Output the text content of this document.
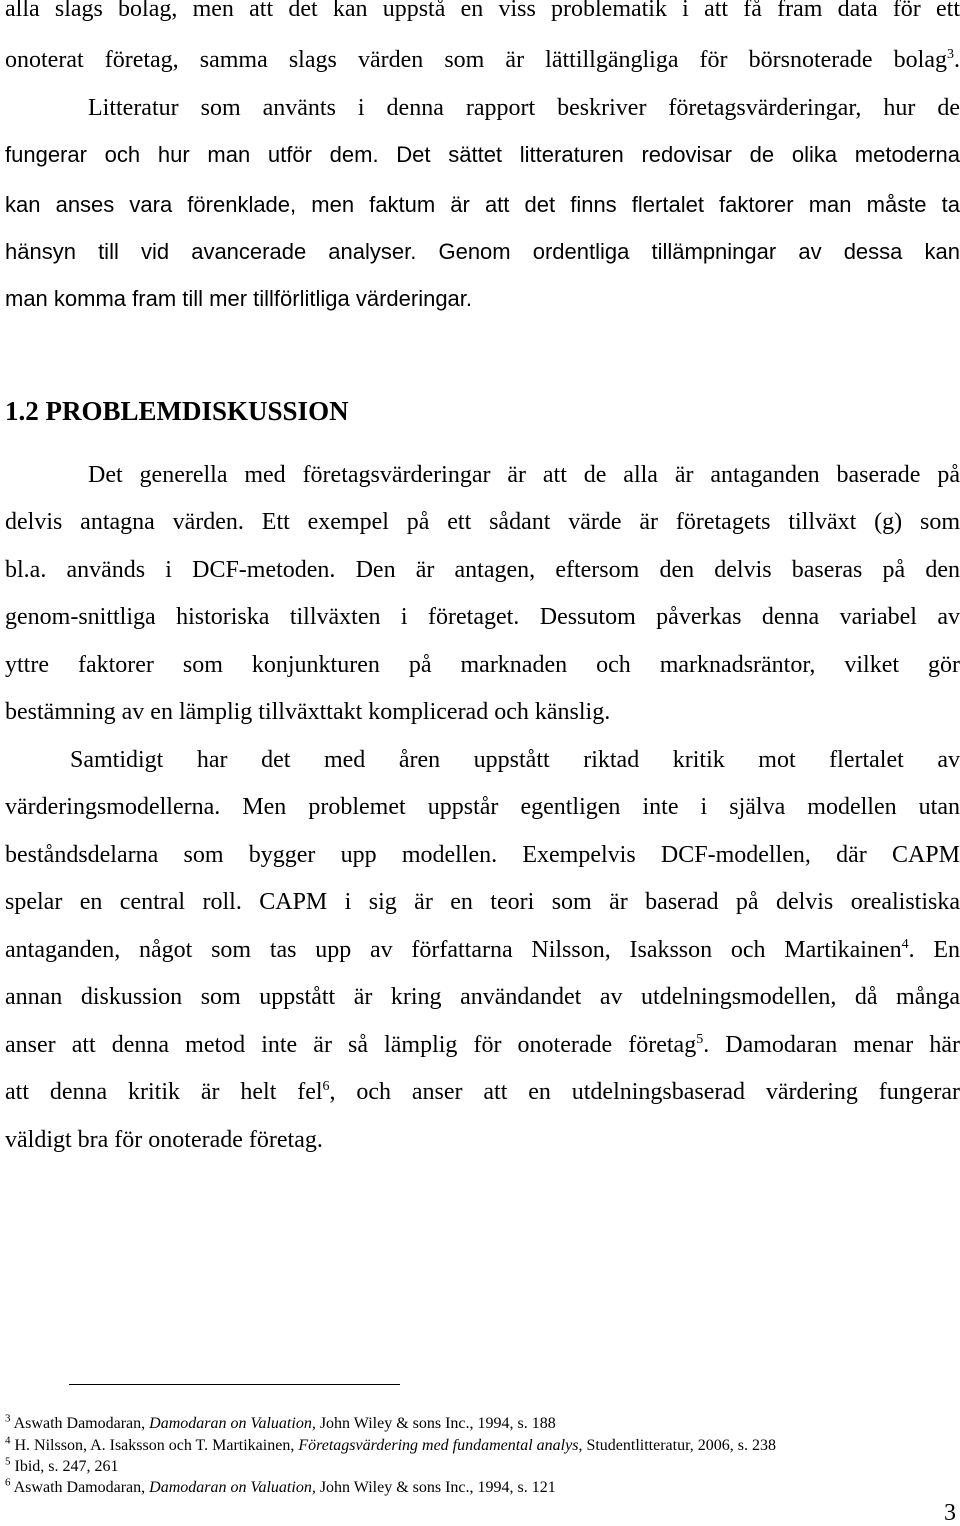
alla slags bolag, men att det kan uppstå en viss problematik i att få fram data för ett
onoterat företag, samma slags värden som är lättillgängliga för börsnoterade bolag$^3$.
Litteratur som använts i denna rapport beskriver företagsvärderingar, hur de
fungerar och hur man utför dem. Det sättet litteraturen redovisar de olika metoderna
kan anses vara förenklade, men faktum är att det finns flertalet faktorer man måste ta
hänsyn till vid avancerade analyser. Genom ordentliga tillämpningar av dessa kan
man komma fram till mer tillförlitliga värderingar.
1.2 PROBLEMDISKUSSION
Det generella med företagsvärderingar är att de alla är antaganden baserade på
delvis antagna värden. Ett exempel på ett sådant värde är företagets tillväxt (g) som
bl.a. används i DCF-metoden. Den är antagen, eftersom den delvis baseras på den
genom-snittliga historiska tillväxten i företaget. Dessutom påverkas denna variabel av
yttre faktorer som konjunkturen på marknaden och marknadsräntor, vilket gör
bestämning av en lämplig tillväxttakt komplicerad och känslig.
Samtidigt har det med åren uppstått riktad kritik mot flertalet av
värderingsmodellerna. Men problemet uppstår egentligen inte i själva modellen utan
beståndsdelarna som bygger upp modellen. Exempelvis DCF-modellen, där CAPM
spelar en central roll. CAPM i sig är en teori som är baserad på delvis orealistiska
antaganden, något som tas upp av författarna Nilsson, Isaksson och Martikainen$^4$. En
annan diskussion som uppstått är kring användandet av utdelningsmodellen, då många
anser att denna metod inte är så lämplig för onoterade företag$^5$. Damodaran menar här
att denna kritik är helt fel$^6$, och anser att en utdelningsbaserad värdering fungerar
väldigt bra för onoterade företag.
$^3$ Aswath Damodaran, Damodaran on Valuation, John Wiley & sons Inc., 1994, s. 188
$^4$ H. Nilsson, A. Isaksson och T. Martikainen, Företagsvärdering med fundamental analys, Studentlitteratur, 2006, s. 238
$^5$ Ibid, s. 247, 261
$^6$ Aswath Damodaran, Damodaran on Valuation, John Wiley & sons Inc., 1994, s. 121
3
